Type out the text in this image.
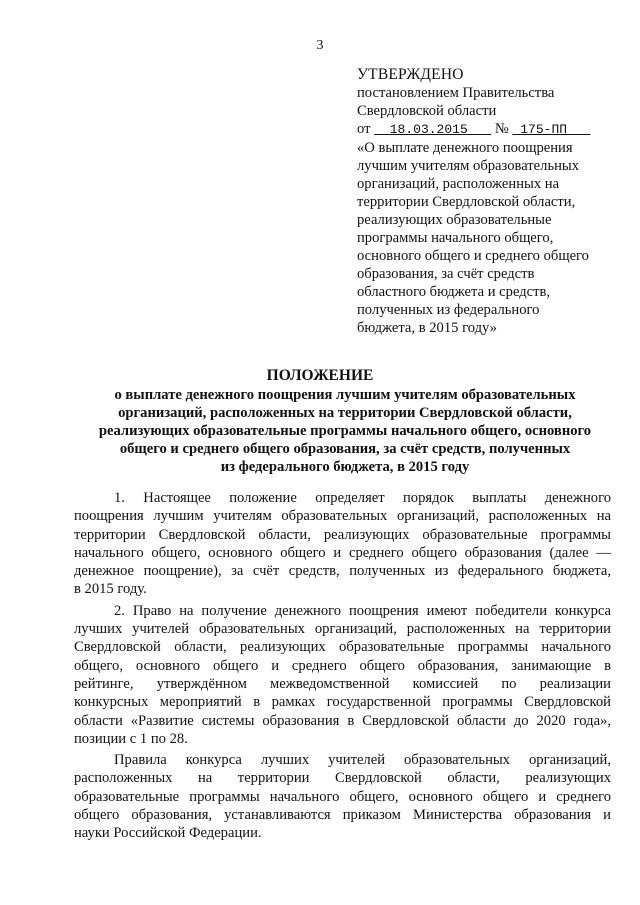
3
УТВЕРЖДЕНО
постановлением Правительства
Свердловской области
от 18.03.2015 № 175-ПП
«О выплате денежного поощрения
лучшим учителям образовательных
организаций, расположенных на
территории Свердловской области,
реализующих образовательные
программы начального общего,
основного общего и среднего общего
образования, за счёт средств
областного бюджета и средств,
полученных из федерального
бюджета, в 2015 году»
ПОЛОЖЕНИЕ
о выплате денежного поощрения лучшим учителям образовательных
организаций, расположенных на территории Свердловской области,
реализующих образовательные программы начального общего, основного
общего и среднего общего образования, за счёт средств, полученных
из федерального бюджета, в 2015 году
1. Настоящее положение определяет порядок выплаты денежного
поощрения лучшим учителям образовательных организаций, расположенных на
территории Свердловской области, реализующих образовательные программы
начального общего, основного общего и среднего общего образования (далее —
денежное поощрение), за счёт средств, полученных из федерального бюджета,
в 2015 году.
2. Право на получение денежного поощрения имеют победители конкурса
лучших учителей образовательных организаций, расположенных на территории
Свердловской области, реализующих образовательные программы начального
общего, основного общего и среднего общего образования, занимающие в
рейтинге, утверждённом межведомственной комиссией по реализации
конкурсных мероприятий в рамках государственной программы Свердловской
области «Развитие системы образования в Свердловской области до 2020 года»,
позиции с 1 по 28.
Правила конкурса лучших учителей образовательных организаций,
расположенных на территории Свердловской области, реализующих
образовательные программы начального общего, основного общего и среднего
общего образования, устанавливаются приказом Министерства образования и
науки Российской Федерации.
